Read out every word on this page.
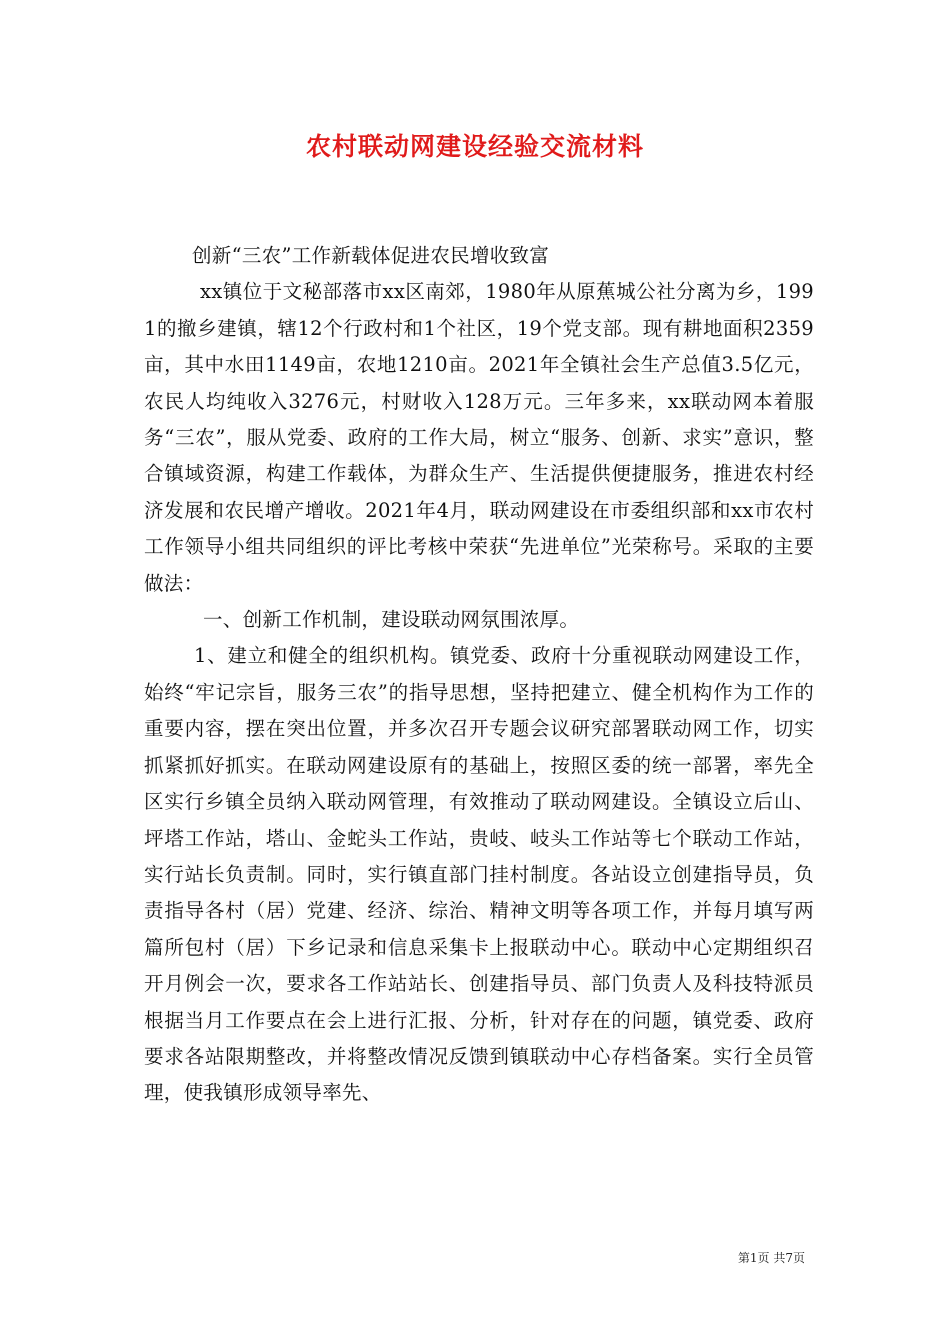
农村联动网建设经验交流材料

创新“三农”工作新载体促进农民增收致富

xx镇位于文秘部落市xx区南郊，1980年从原蕉城公社分离为乡，1991的撤乡建镇，辖12个行政村和1个社区，19个党支部。现有耕地面积2359亩，其中水田1149亩，农地1210亩。2021年全镇社会生产总值3.5亿元，农民人均纯收入3276元，村财收入128万元。三年多来，xx联动网本着服务“三农”，服从党委、政府的工作大局，树立“服务、创新、求实”意识，整合镇域资源，构建工作载体，为群众生产、生活提供便捷服务，推进农村经济发展和农民增产增收。2021年4月，联动网建设在市委组织部和xx市农村工作领导小组共同组织的评比考核中荣获“先进单位”光荣称号。采取的主要做法：

一、创新工作机制，建设联动网氛围浓厚。

1、建立和健全的组织机构。镇党委、政府十分重视联动网建设工作，始终“牢记宗旨，服务三农”的指导思想，坚持把建立、健全机构作为工作的重要内容，摆在突出位置，并多次召开专题会议研究部署联动网工作，切实抓紧抓好抓实。在联动网建设原有的基础上，按照区委的统一部署，率先全区实行乡镇全员纳入联动网管理，有效推动了联动网建设。全镇设立后山、坪塔工作站，塔山、金蛇头工作站，贵岐、岐头工作站等七个联动工作站，实行站长负责制。同时，实行镇直部门挂村制度。各站设立创建指导员，负责指导各村（居）党建、经济、综治、精神文明等各项工作，并每月填写两篇所包村（居）下乡记录和信息采集卡上报联动中心。联动中心定期组织召开月例会一次，要求各工作站站长、创建指导员、部门负责人及科技特派员根据当月工作要点在会上进行汇报、分析，针对存在的问题，镇党委、政府要求各站限期整改，并将整改情况反馈到镇联动中心存档备案。实行全员管理，使我镇形成领导率先、

第1页 共7页
